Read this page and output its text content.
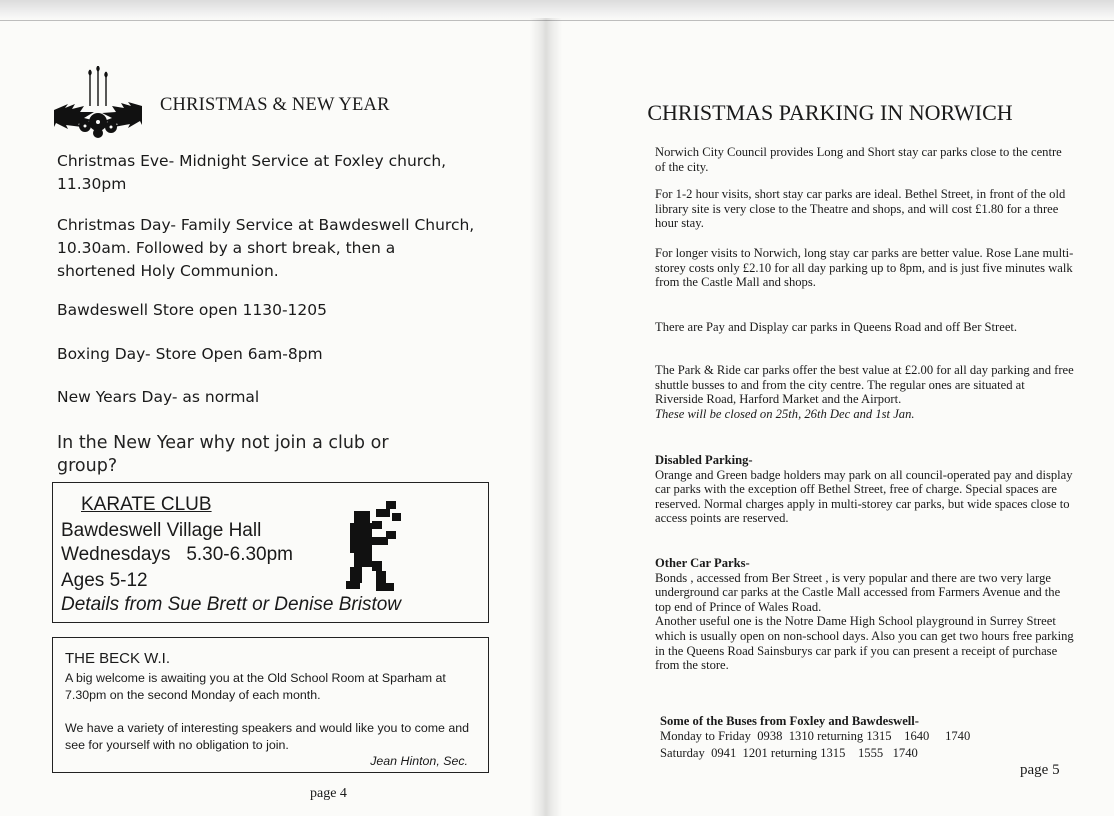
CHRISTMAS & NEW YEAR

Christmas Eve- Midnight Service at Foxley church, 11.30pm

Christmas Day- Family Service at Bawdeswell Church, 10.30am. Followed by a short break, then a shortened Holy Communion.

Bawdeswell Store open 1130-1205

Boxing Day- Store Open 6am-8pm

New Years Day- as normal

In the New Year why not join a club or group?

KARATE CLUB
Bawdeswell Village Hall
Wednesdays   5.30-6.30pm
Ages 5-12
Details from Sue Brett or Denise Bristow
THE BECK W.I.

A big welcome is awaiting you at the Old School Room at Sparham at 7.30pm on the second Monday of each month.

We have a variety of interesting speakers and would like you to come and see for yourself with no obligation to join.

Jean Hinton, Sec.
page 4
CHRISTMAS PARKING IN NORWICH

Norwich City Council provides Long and Short stay car parks close to the centre of the city.

For 1-2 hour visits, short stay car parks are ideal. Bethel Street, in front of the old library site is very close to the Theatre and shops, and will cost £1.80 for a three hour stay.

For longer visits to Norwich, long stay car parks are better value. Rose Lane multi-storey costs only £2.10 for all day parking up to 8pm, and is just five minutes walk from the Castle Mall and shops.

There are Pay and Display car parks in Queens Road and off Ber Street.

The Park & Ride car parks offer the best value at £2.00 for all day parking and free shuttle busses to and from the city centre. The regular ones are situated at Riverside Road, Harford Market and the Airport.
These will be closed on 25th, 26th Dec and 1st Jan.
Disabled Parking-
Orange and Green badge holders may park on all council-operated pay and display car parks with the exception off Bethel Street, free of charge. Special spaces are reserved. Normal charges apply in multi-storey car parks, but wide spaces close to access points are reserved.
Other Car Parks-
Bonds , accessed from Ber Street , is very popular and there are two very large underground car parks at the Castle Mall accessed from Farmers Avenue and the top end of Prince of Wales Road.
Another useful one is the Notre Dame High School playground in Surrey Street which is usually open on non-school days. Also you can get two hours free parking in the Queens Road Sainsburys car park if you can present a receipt of purchase from the store.
Some of the Buses from Foxley and Bawdeswell-
Monday to Friday  0938  1310 returning 1315    1640     1740
Saturday  0941  1201 returning 1315    1555   1740
page 5
